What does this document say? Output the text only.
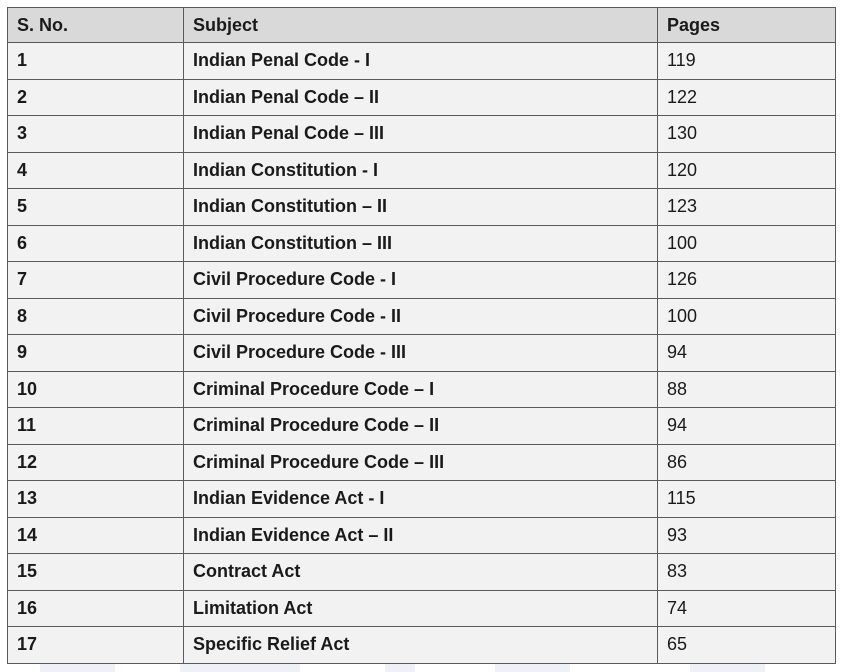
S. No.	Subject	Pages
1	Indian Penal Code - I	119
2	Indian Penal Code – II	122
3	Indian Penal Code – III	130
4	Indian Constitution - I	120
5	Indian Constitution – II	123
6	Indian Constitution – III	100
7	Civil Procedure Code - I	126
8	Civil Procedure Code - II	100
9	Civil Procedure Code - III	94
10	Criminal Procedure Code – I	88
11	Criminal Procedure Code – II	94
12	Criminal Procedure Code – III	86
13	Indian Evidence Act - I	115
14	Indian Evidence Act – II	93
15	Contract Act	83
16	Limitation Act	74
17	Specific Relief Act	65
